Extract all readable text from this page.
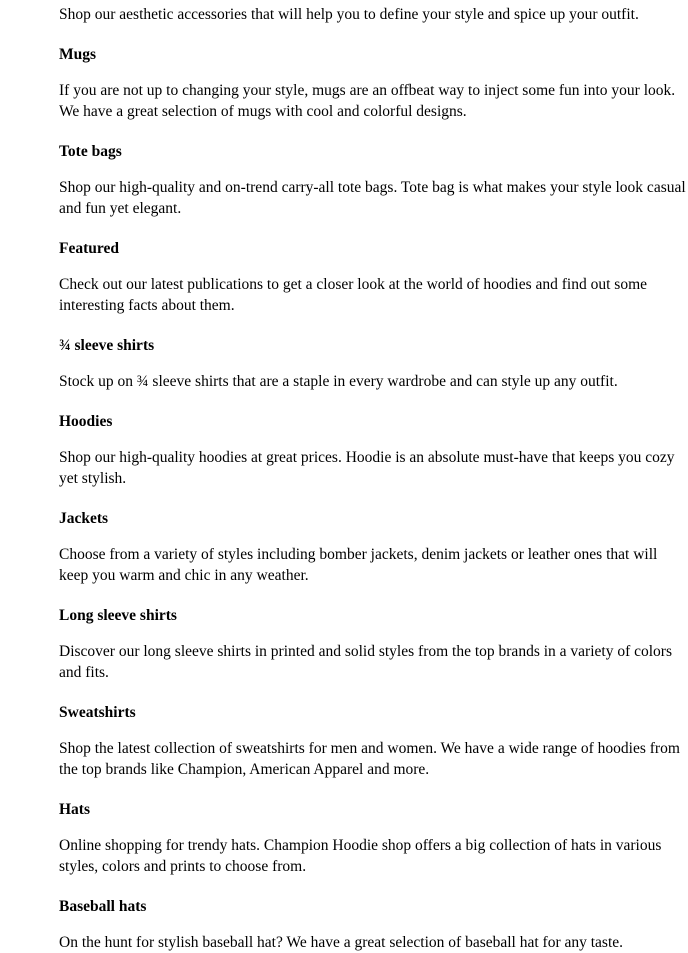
Shop our aesthetic accessories that will help you to define your style and spice up your outfit.

Mugs

If you are not up to changing your style, mugs are an offbeat way to inject some fun into your look. We have a great selection of mugs with cool and colorful designs.

Tote bags

Shop our high-quality and on-trend carry-all tote bags. Tote bag is what makes your style look casual and fun yet elegant.

Featured

Check out our latest publications to get a closer look at the world of hoodies and find out some interesting facts about them.

¾ sleeve shirts

Stock up on ¾ sleeve shirts that are a staple in every wardrobe and can style up any outfit.

Hoodies

Shop our high-quality hoodies at great prices. Hoodie is an absolute must-have that keeps you cozy yet stylish.

Jackets

Choose from a variety of styles including bomber jackets, denim jackets or leather ones that will keep you warm and chic in any weather.

Long sleeve shirts

Discover our long sleeve shirts in printed and solid styles from the top brands in a variety of colors and fits.

Sweatshirts

Shop the latest collection of sweatshirts for men and women. We have a wide range of hoodies from the top brands like Champion, American Apparel and more.

Hats

Online shopping for trendy hats. Champion Hoodie shop offers a big collection of hats in various styles, colors and prints to choose from.

Baseball hats

On the hunt for stylish baseball hat? We have a great selection of baseball hat for any taste.
